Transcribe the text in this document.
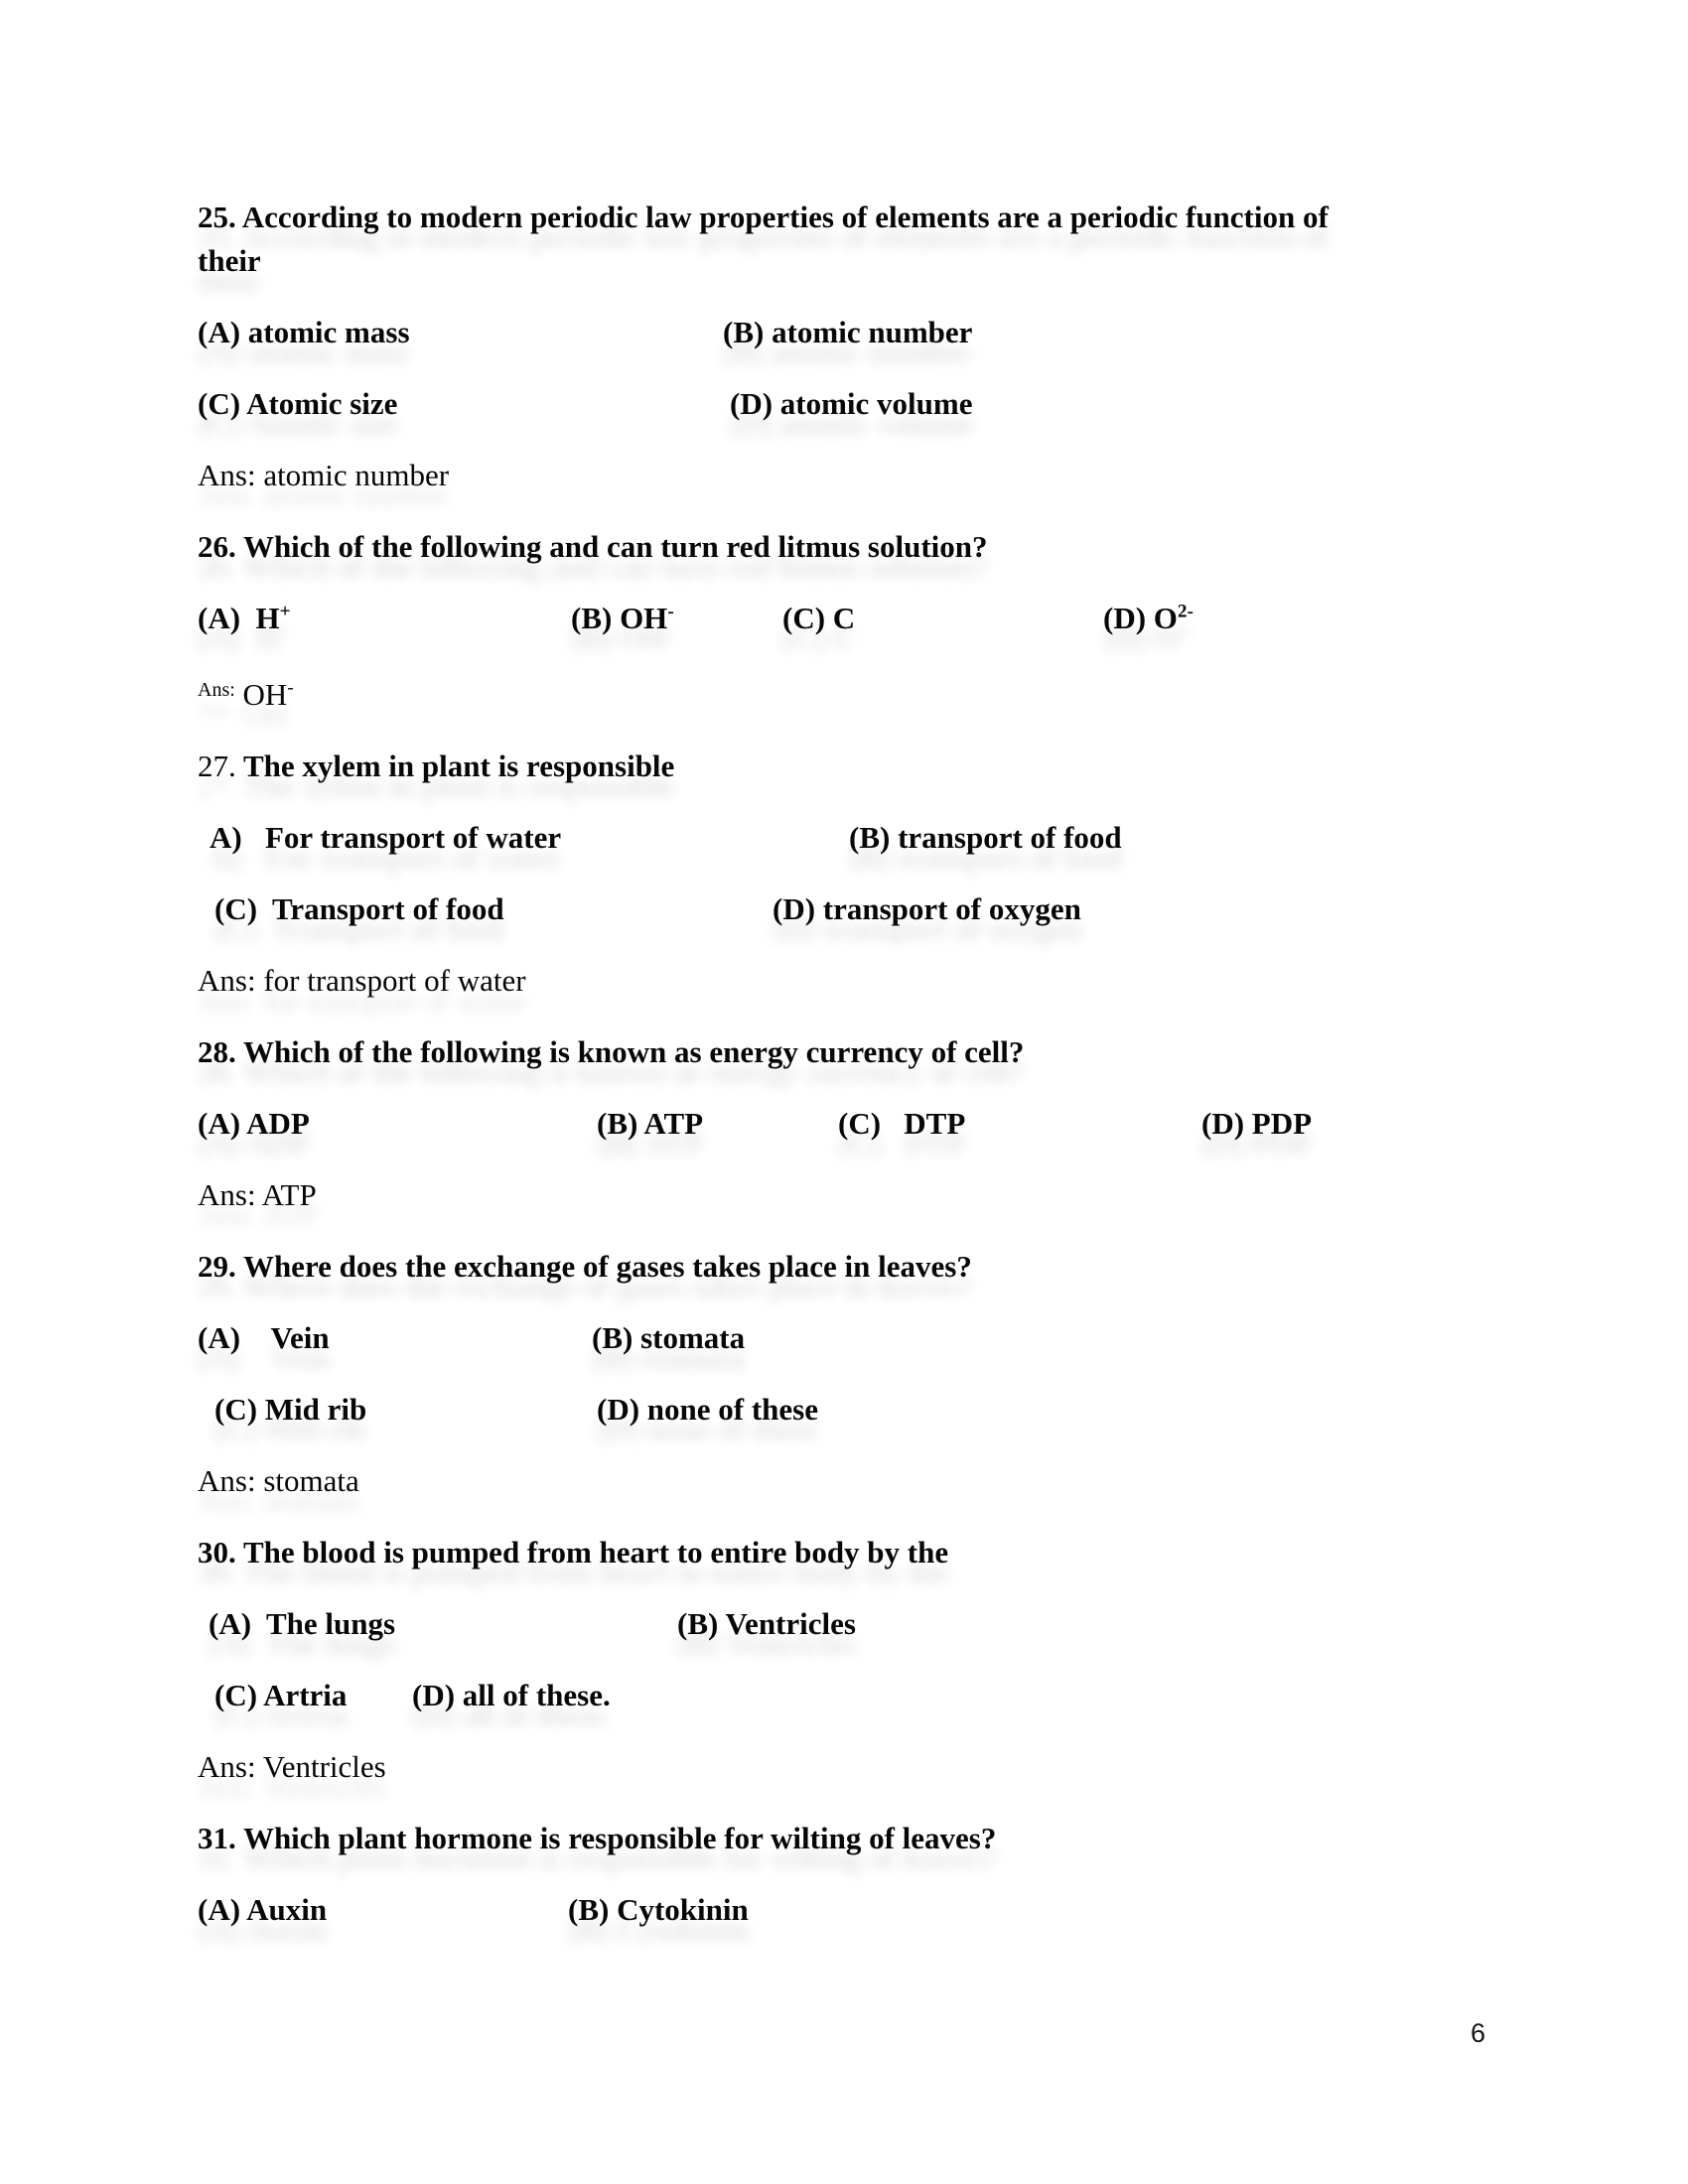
25. According to modern periodic law properties of elements are a periodic function of
their
(A) atomic mass	(B) atomic number
(C) Atomic size	(D) atomic volume
Ans: atomic number
26. Which of the following and can turn red litmus solution?
(A)  H+	(B) OH-	(C) C	(D) $O^{2-}$
$^{Ans:}$ OH-
27. The xylem in plant is responsible
A)   For transport of water	(B) transport of food
(C)  Transport of food	(D) transport of oxygen
Ans: for transport of water
28. Which of the following is known as energy currency of cell?
(A) ADP	(B) ATP	(C)   DTP	(D) PDP
Ans: ATP
29. Where does the exchange of gases takes place in leaves?
(A)    Vein	(B) stomata
(C) Mid rib	(D) none of these
Ans: stomata
30. The blood is pumped from heart to entire body by the
(A)  The lungs	(B) Ventricles
(C) Artria (D) all of these.
Ans: Ventricles
31. Which plant hormone is responsible for wilting of leaves?
(A) Auxin	(B) Cytokinin
6
